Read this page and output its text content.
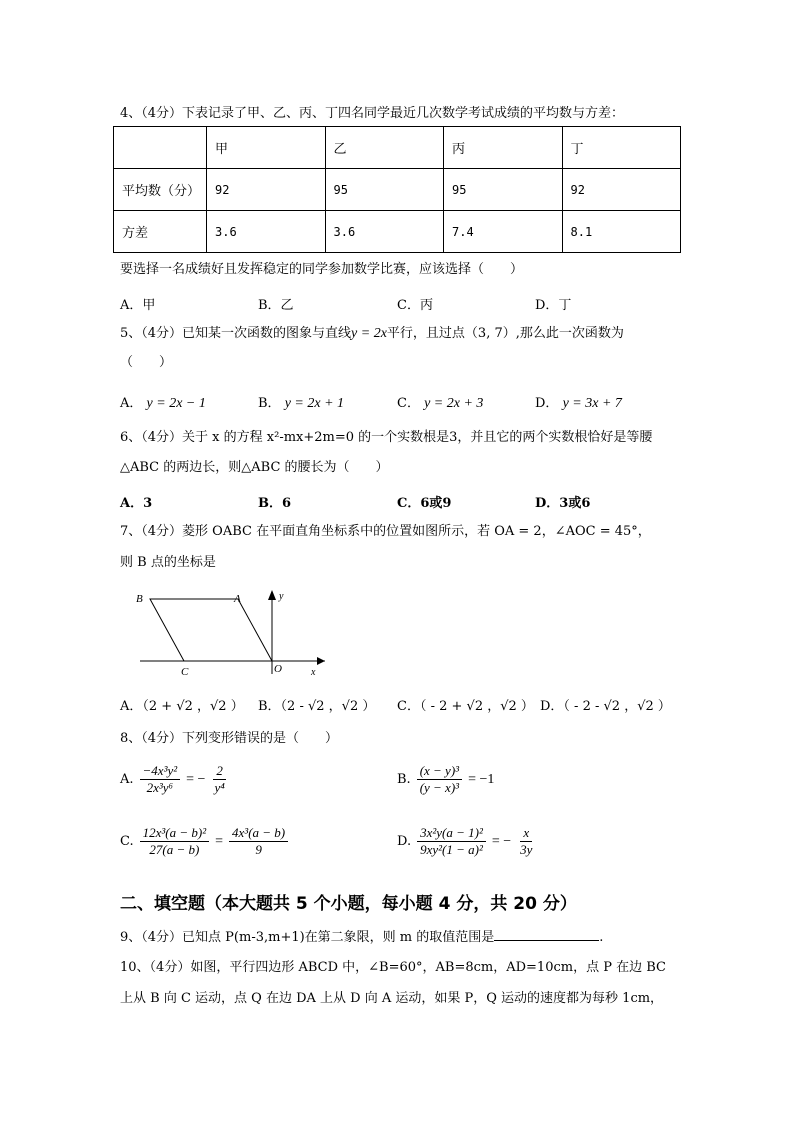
4、（4分）下表记录了甲、乙、丙、丁四名同学最近几次数学考试成绩的平均数与方差：
	甲	乙	丙	丁
平均数（分）	92	95	95	92
方差	3.6	3.6	7.4	8.1
要选择一名成绩好且发挥稳定的同学参加数学比赛，应该选择（　　）
A．甲	B．乙	C．丙	D．丁
5、（4分）已知某一次函数的图象与直线y = 2x平行，且过点（3, 7）,那么此一次函数为
（　　）
A． y = 2x − 1	B． y = 2x + 1	C． y = 2x + 3	D． y = 3x + 7
6、（4分）关于 x 的方程 x²-mx+2m=0 的一个实数根是3，并且它的两个实数根恰好是等腰
△ABC 的两边长，则△ABC 的腰长为（　　）
A．3	B．6	C．6或9	D．3或6
7、（4分）菱形 OABC 在平面直角坐标系中的位置如图所示，若 OA = 2，∠AOC = 45°，
则 B 点的坐标是
B	A
C	O	x
y
A．（2 + √2 ，√2 ） B．（2 - √2 ，√2 ） C．（ - 2 + √2 ，√2 ） D．（ - 2 - √2 ，√2 ）
8、（4分）下列变形错误的是（　　）
A. $\frac{\text{−4x³y²}}{\text{2x³y⁶}}$ = − $\frac{2}{\text{y⁴}}$	B. $\frac{\text{(x − y)³}}{\text{(y − x)³}} = -1$
C. $\frac{\text{12x³(a − b)²}}{27(a - b)} = \frac{\text{4x³(a − b)}}{9}$	D. $\frac{\text{3x²y(a − 1)²}}{\text{9xy²(1 − a)²}}$ = − $\frac{x}{3y}$
二、填空题（本大题共 5 个小题，每小题 4 分，共 20 分）
9、（4分）已知点 P(m-3,m+1)在第二象限，则 m 的取值范围是	.
10、（4分）如图，平行四边形 ABCD 中，∠B=60°，AB=8cm，AD=10cm，点 P 在边 BC
上从 B 向 C 运动，点 Q 在边 DA 上从 D 向 A 运动，如果 P，Q 运动的速度都为每秒 1cm，
